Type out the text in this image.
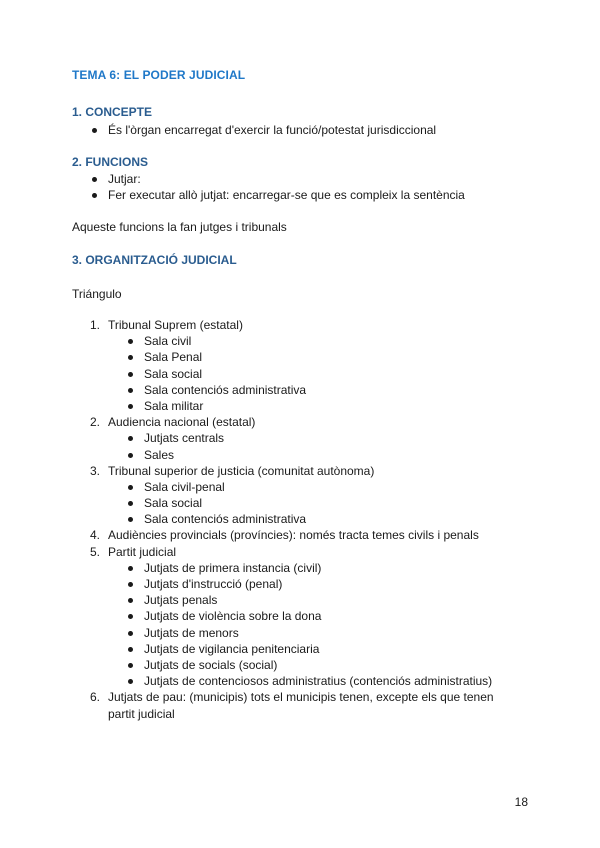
TEMA 6: EL PODER JUDICIAL
1. CONCEPTE
És l'òrgan encarregat d'exercir la funció/potestat jurisdiccional
2. FUNCIONS
Jutjar:
Fer executar allò jutjat: encarregar-se que es compleix la sentència
Aqueste funcions la fan jutges i tribunals
3. ORGANITZACIÓ JUDICIAL
Triángulo
1. Tribunal Suprem (estatal)
Sala civil
Sala Penal
Sala social
Sala contenciós administrativa
Sala militar
2. Audiencia nacional (estatal)
Jutjats centrals
Sales
3. Tribunal superior de justicia (comunitat autònoma)
Sala civil-penal
Sala social
Sala contenciós administrativa
4. Audiències provincials (províncies): només tracta temes civils i penals
5. Partit judicial
Jutjats de primera instancia (civil)
Jutjats d'instrucció (penal)
Jutjats penals
Jutjats de violència sobre la dona
Jutjats de menors
Jutjats de vigilancia penitenciaria
Jutjats de socials (social)
Jutjats de contenciosos administratius (contenciós administratius)
6. Jutjats de pau: (municipis) tots el municipis tenen, excepte els que tenen partit judicial
18
